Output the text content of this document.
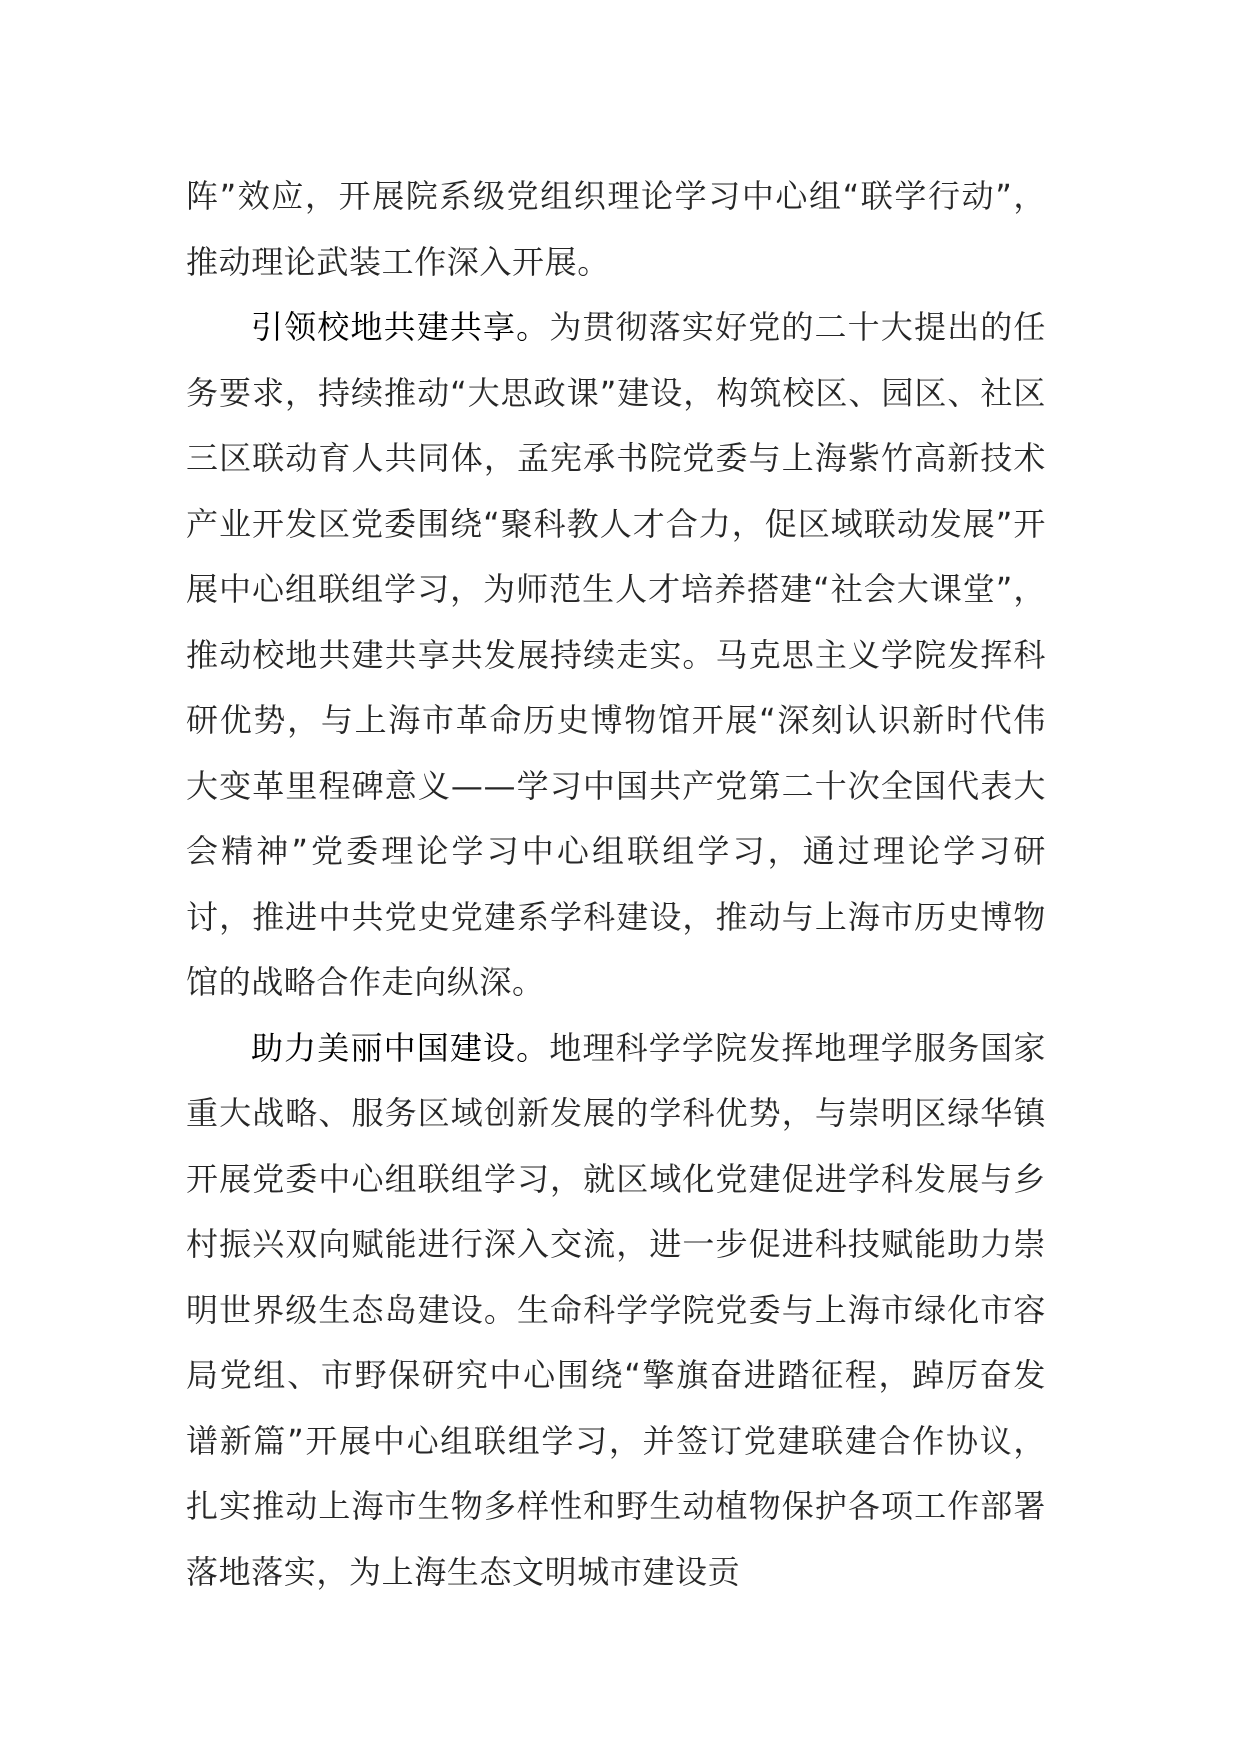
阵”效应，开展院系级党组织理论学习中心组“联学行动”，推动理论武装工作深入开展。

引领校地共建共享。为贯彻落实好党的二十大提出的任务要求，持续推动“大思政课”建设，构筑校区、园区、社区三区联动育人共同体，孟宪承书院党委与上海紫竹高新技术产业开发区党委围绕“聚科教人才合力，促区域联动发展”开展中心组联组学习，为师范生人才培养搭建“社会大课堂”，推动校地共建共享共发展持续走实。马克思主义学院发挥科研优势，与上海市革命历史博物馆开展“深刻认识新时代伟大变革里程碑意义——学习中国共产党第二十次全国代表大会精神”党委理论学习中心组联组学习，通过理论学习研讨，推进中共党史党建系学科建设，推动与上海市历史博物馆的战略合作走向纵深。

助力美丽中国建设。地理科学学院发挥地理学服务国家重大战略、服务区域创新发展的学科优势，与崇明区绿华镇开展党委中心组联组学习，就区域化党建促进学科发展与乡村振兴双向赋能进行深入交流，进一步促进科技赋能助力崇明世界级生态岛建设。生命科学学院党委与上海市绿化市容局党组、市野保研究中心围绕“擎旗奋进踏征程，踔厉奋发谱新篇”开展中心组联组学习，并签订党建联建合作协议，扎实推动上海市生物多样性和野生动植物保护各项工作部署落地落实，为上海生态文明城市建设贡
